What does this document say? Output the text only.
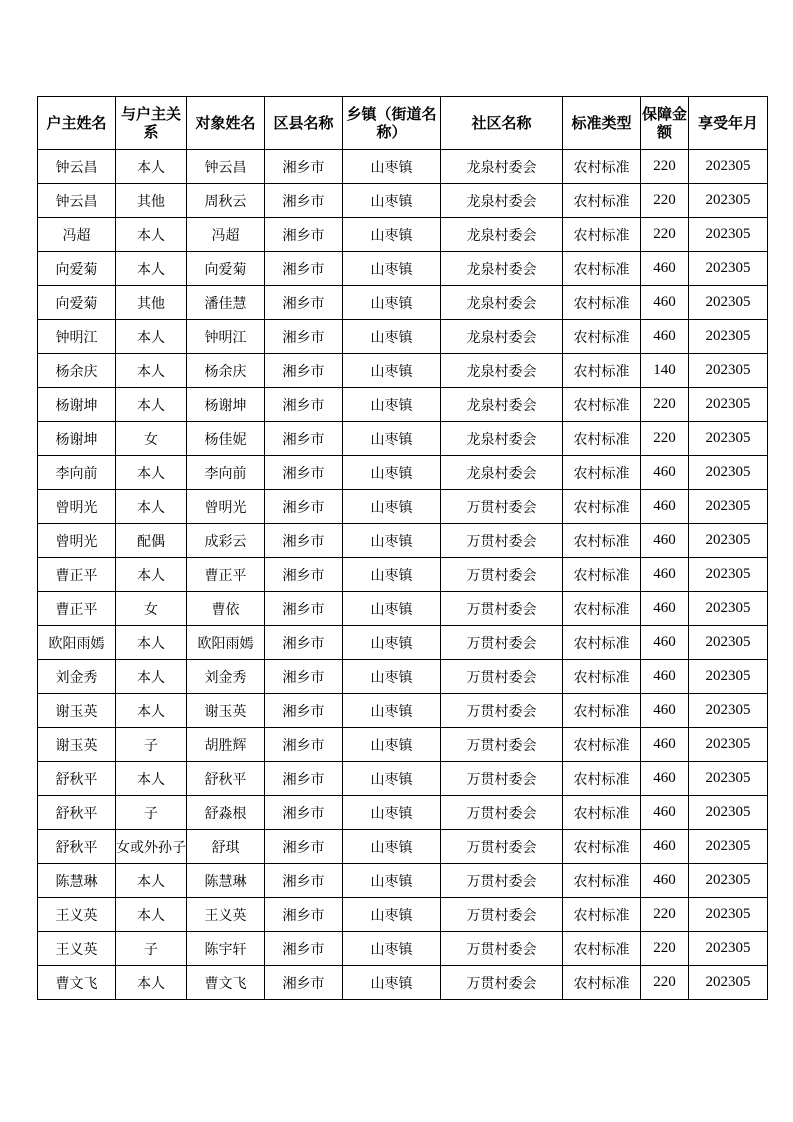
户主姓名	与户主关系	对象姓名	区县名称	乡镇（街道名称）	社区名称	标准类型	保障金额	享受年月

钟云昌	本人	钟云昌	湘乡市	山枣镇	龙泉村委会	农村标准	220	202305

钟云昌	其他	周秋云	湘乡市	山枣镇	龙泉村委会	农村标准	220	202305

冯超	本人	冯超	湘乡市	山枣镇	龙泉村委会	农村标准	220	202305

向爱菊	本人	向爱菊	湘乡市	山枣镇	龙泉村委会	农村标准	460	202305

向爱菊	其他	潘佳慧	湘乡市	山枣镇	龙泉村委会	农村标准	460	202305

钟明江	本人	钟明江	湘乡市	山枣镇	龙泉村委会	农村标准	460	202305

杨余庆	本人	杨余庆	湘乡市	山枣镇	龙泉村委会	农村标准	140	202305

杨谢坤	本人	杨谢坤	湘乡市	山枣镇	龙泉村委会	农村标准	220	202305

杨谢坤	女	杨佳妮	湘乡市	山枣镇	龙泉村委会	农村标准	220	202305

李向前	本人	李向前	湘乡市	山枣镇	龙泉村委会	农村标准	460	202305

曾明光	本人	曾明光	湘乡市	山枣镇	万贯村委会	农村标准	460	202305

曾明光	配偶	成彩云	湘乡市	山枣镇	万贯村委会	农村标准	460	202305

曹正平	本人	曹正平	湘乡市	山枣镇	万贯村委会	农村标准	460	202305

曹正平	女	曹依	湘乡市	山枣镇	万贯村委会	农村标准	460	202305

欧阳雨嫣	本人	欧阳雨嫣	湘乡市	山枣镇	万贯村委会	农村标准	460	202305

刘金秀	本人	刘金秀	湘乡市	山枣镇	万贯村委会	农村标准	460	202305

谢玉英	本人	谢玉英	湘乡市	山枣镇	万贯村委会	农村标准	460	202305

谢玉英	子	胡胜辉	湘乡市	山枣镇	万贯村委会	农村标准	460	202305

舒秋平	本人	舒秋平	湘乡市	山枣镇	万贯村委会	农村标准	460	202305

舒秋平	子	舒淼根	湘乡市	山枣镇	万贯村委会	农村标准	460	202305

舒秋平	女或外孙子	舒琪	湘乡市	山枣镇	万贯村委会	农村标准	460	202305

陈慧琳	本人	陈慧琳	湘乡市	山枣镇	万贯村委会	农村标准	460	202305

王义英	本人	王义英	湘乡市	山枣镇	万贯村委会	农村标准	220	202305

王义英	子	陈宇轩	湘乡市	山枣镇	万贯村委会	农村标准	220	202305

曹文飞	本人	曹文飞	湘乡市	山枣镇	万贯村委会	农村标准	220	202305
